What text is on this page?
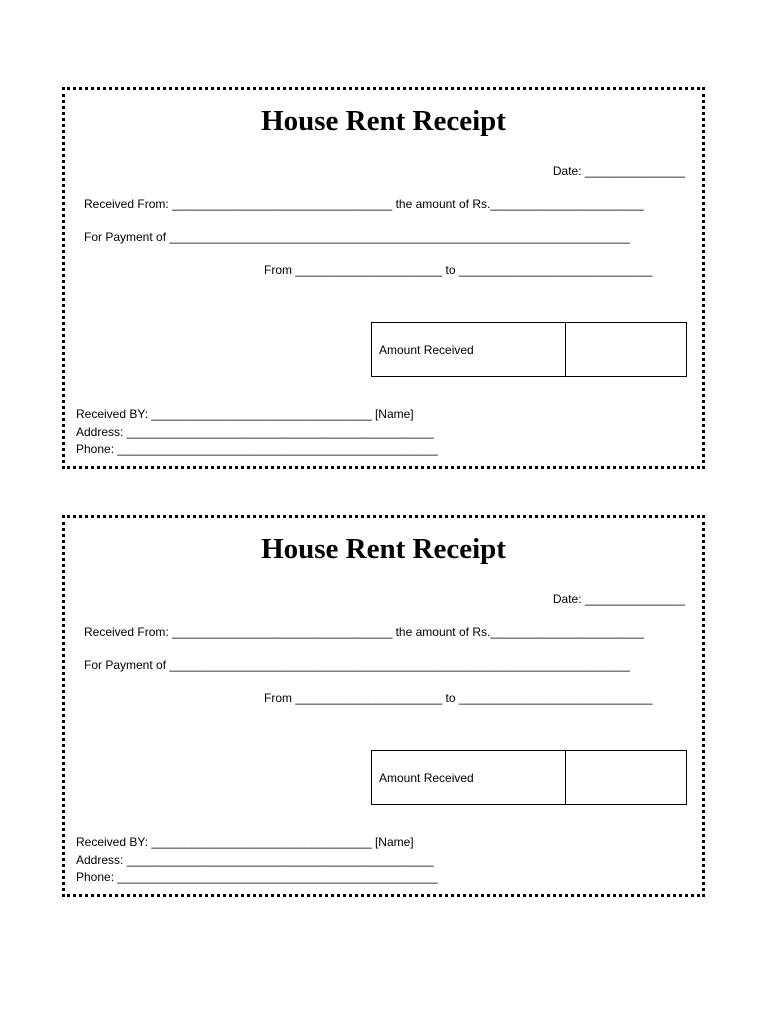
House Rent Receipt
Date: _______________
Received From: _________________________________ the amount of Rs._______________________
For Payment of _____________________________________________________________________
From ______________________ to _____________________________
Amount Received
Received BY: _________________________________ [Name]
Address: ______________________________________________
Phone: ________________________________________________
House Rent Receipt
Date: _______________
Received From: _________________________________ the amount of Rs._______________________
For Payment of _____________________________________________________________________
From ______________________ to _____________________________
Amount Received
Received BY: _________________________________ [Name]
Address: ______________________________________________
Phone: ________________________________________________
